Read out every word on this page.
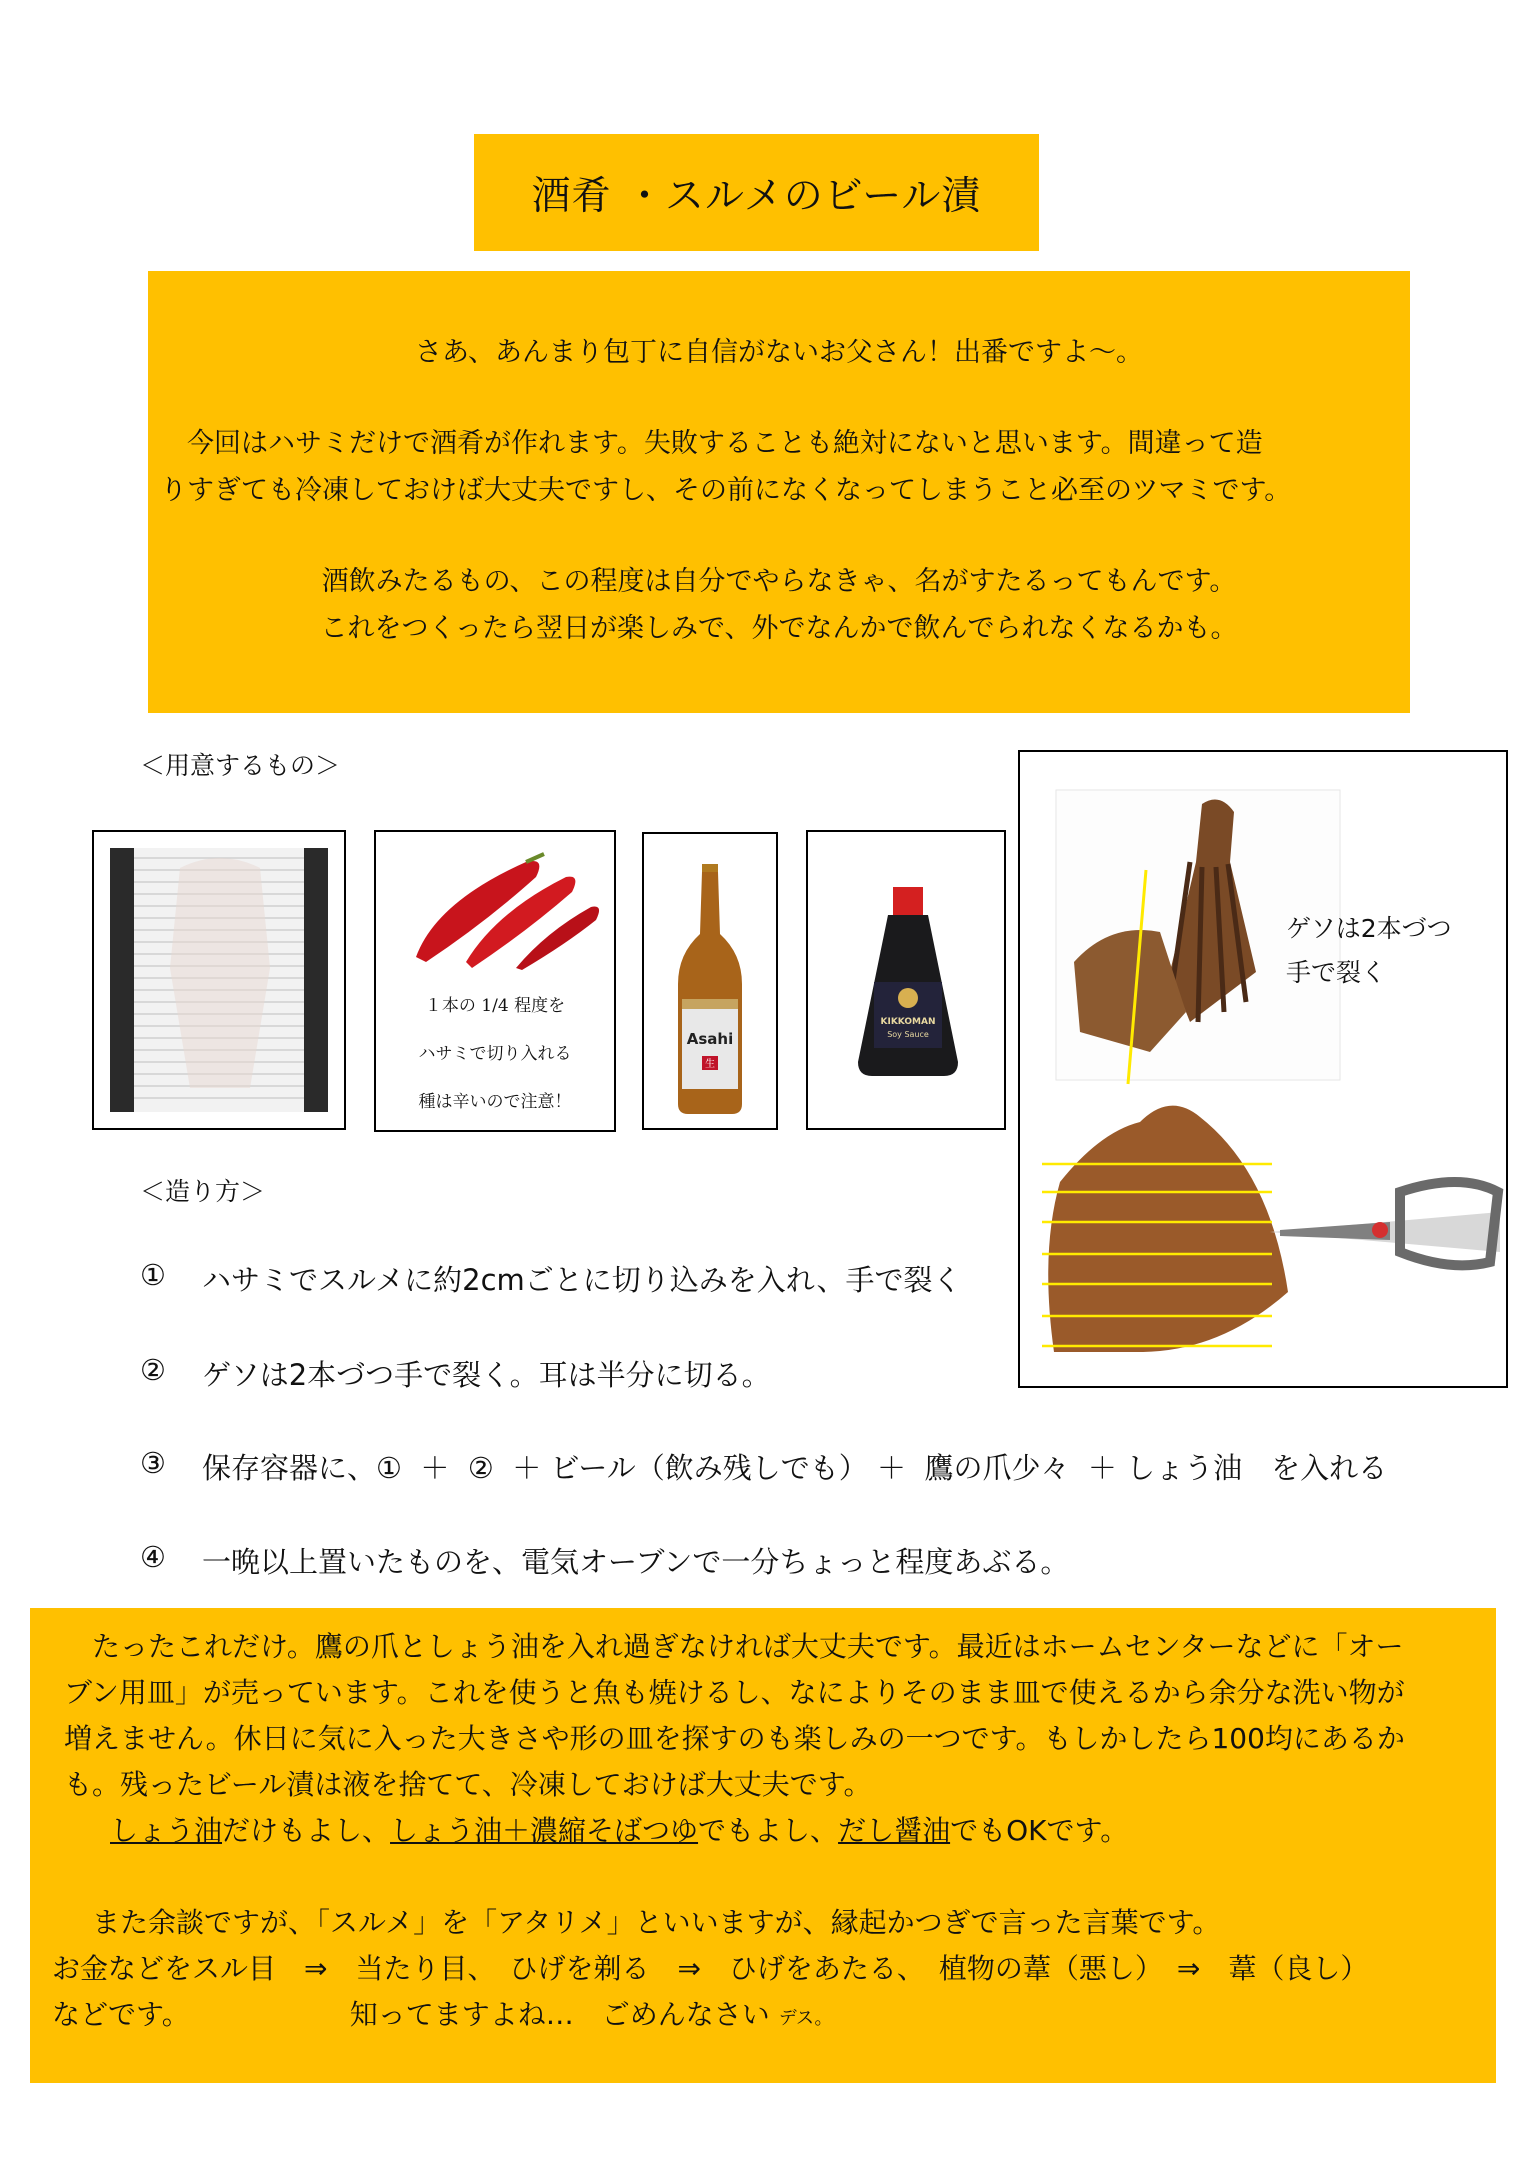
酒肴 ・スルメのビール漬

さあ、あんまり包丁に自信がないお父さん！出番ですよ～。

　今回はハサミだけで酒肴が作れます。失敗することも絶対にないと思います。間違って造

りすぎても冷凍しておけば大丈夫ですし、その前になくなってしまうこと必至のツマミです。

酒飲みたるもの、この程度は自分でやらなきゃ、名がすたるってもんです。

これをつくったら翌日が楽しみで、外でなんかで飲んでられなくなるかも。

＜用意するもの＞
１本の 1/4 程度を
ハサミで切り入れる
種は辛いので注意！
Asahi
生
KIKKOMAN
Soy Sauce
ゲソは2本づつ
手で裂く
＜造り方＞
①	ハサミでスルメに約2cmごとに切り込みを入れ、手で裂く
②	ゲソは2本づつ手で裂く。耳は半分に切る。
③	保存容器に、①  ＋  ②  ＋ ビール（飲み残しでも） ＋  鷹の爪少々  ＋ しょう油　を入れる
④	一晩以上置いたものを、電気オーブンで一分ちょっと程度あぶる。

　たったこれだけ。鷹の爪としょう油を入れ過ぎなければ大丈夫です。最近はホームセンターなどに「オー

ブン用皿」が売っています。これを使うと魚も焼けるし、なによりそのまま皿で使えるから余分な洗い物が

増えません。休日に気に入った大きさや形の皿を探すのも楽しみの一つです。もしかしたら100均にあるか

も。残ったビール漬は液を捨てて、冷凍しておけば大丈夫です。

しょう油だけもよし、しょう油＋濃縮そばつゆでもよし、だし醤油でもOKです。

　また余談ですが、「スルメ」を「アタリメ」といいますが、縁起かつぎで言った言葉です。

お金などをスル目　⇒　当たり目、　ひげを剃る　⇒　ひげをあたる、　植物の葦（悪し）　⇒　葦（良し）

などです。	知ってますよね…　ごめんなさい デス。
